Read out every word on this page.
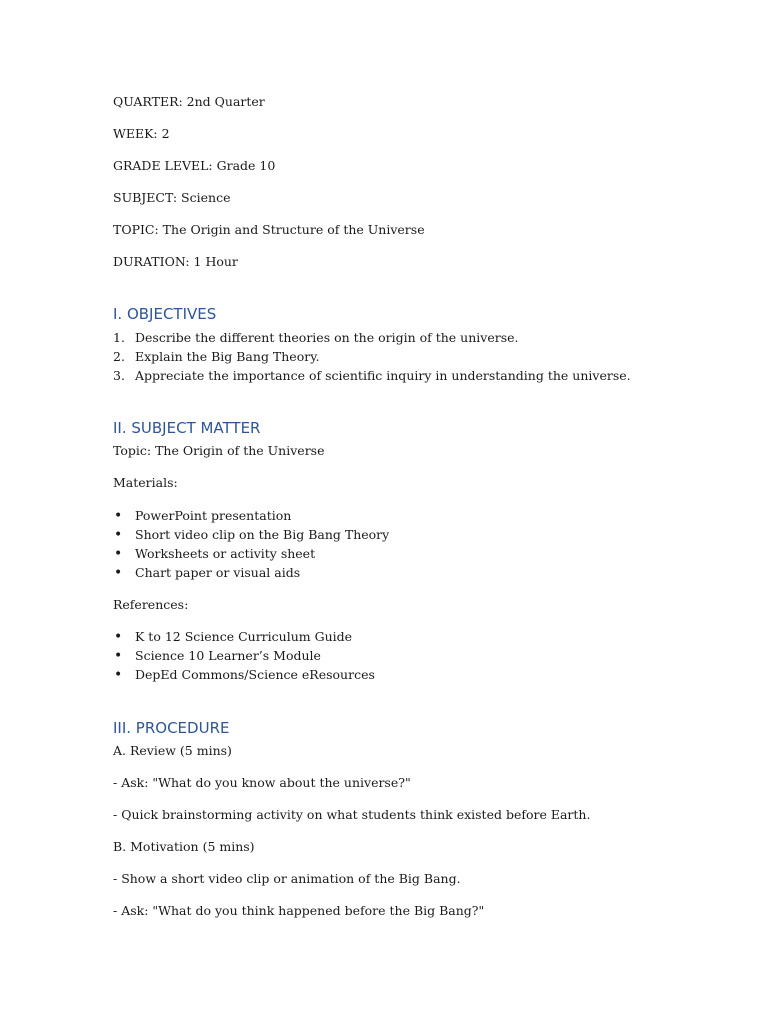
QUARTER: 2nd Quarter
WEEK: 2
GRADE LEVEL: Grade 10
SUBJECT: Science
TOPIC: The Origin and Structure of the Universe
DURATION: 1 Hour
I. OBJECTIVES
1. Describe the different theories on the origin of the universe.
2. Explain the Big Bang Theory.
3. Appreciate the importance of scientific inquiry in understanding the universe.
II. SUBJECT MATTER
Topic: The Origin of the Universe
Materials:
• PowerPoint presentation
• Short video clip on the Big Bang Theory
• Worksheets or activity sheet
• Chart paper or visual aids
References:
• K to 12 Science Curriculum Guide
• Science 10 Learner’s Module
• DepEd Commons/Science eResources
III. PROCEDURE
A. Review (5 mins)
- Ask: "What do you know about the universe?"
- Quick brainstorming activity on what students think existed before Earth.
B. Motivation (5 mins)
- Show a short video clip or animation of the Big Bang.
- Ask: "What do you think happened before the Big Bang?"
